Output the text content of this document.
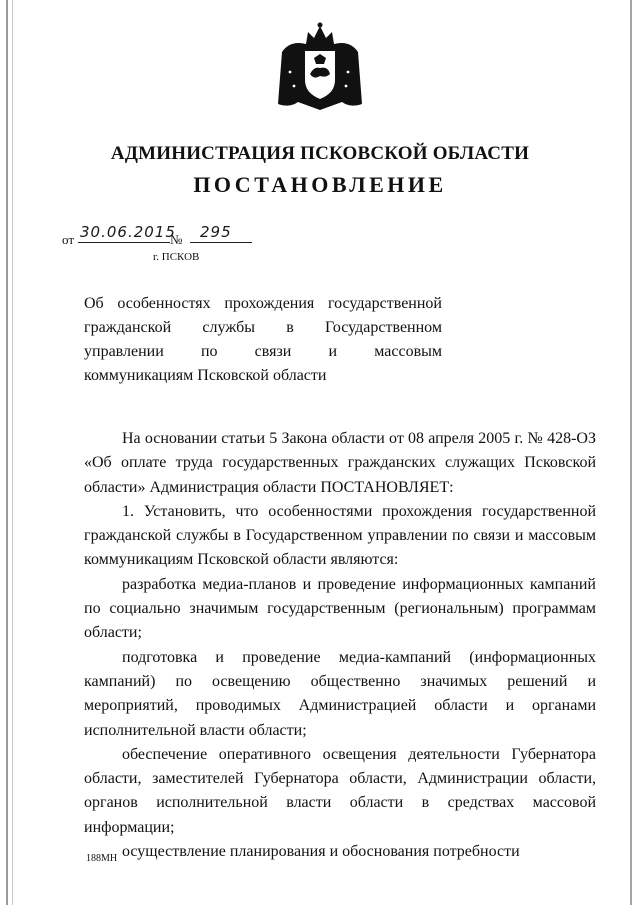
АДМИНИСТРАЦИЯ ПСКОВСКОЙ ОБЛАСТИ
ПОСТАНОВЛЕНИЕ
от 30.06.2015
№ 295
г. ПСКОВ
Об особенностях прохождения государственной
гражданской службы в Государственном
управлении по связи и массовым
коммуникациям Псковской области

На основании статьи 5 Закона области от 08 апреля 2005 г. № 428-ОЗ «Об оплате труда государственных гражданских служащих Псковской области» Администрация области ПОСТАНОВЛЯЕТ:

1. Установить, что особенностями прохождения государственной гражданской службы в Государственном управлении по связи и массовым коммуникациям Псковской области являются:

разработка медиа-планов и проведение информационных кампаний по социально значимым государственным (региональным) программам области;

подготовка и проведение медиа-кампаний (информационных кампаний) по освещению общественно значимых решений и мероприятий, проводимых Администрацией области и органами исполнительной власти области;

обеспечение оперативного освещения деятельности Губернатора области, заместителей Губернатора области, Администрации области, органов исполнительной власти области в средствах массовой информации;

осуществление планирования и обоснования потребности

188МН
